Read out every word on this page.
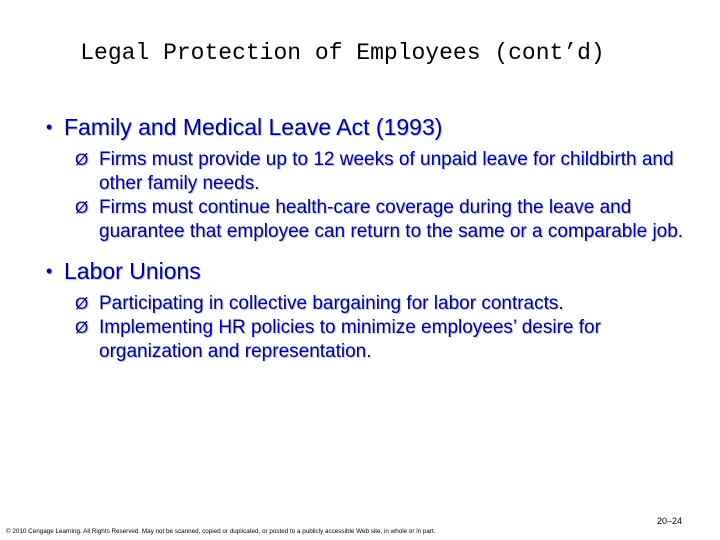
Legal Protection of Employees (cont’d)
• Family and Medical Leave Act (1993)
Ø Firms must provide up to 12 weeks of unpaid leave for childbirth and other family needs.
Ø Firms must continue health-care coverage during the leave and guarantee that employee can return to the same or a comparable job.
• Labor Unions
Ø Participating in collective bargaining for labor contracts.
Ø Implementing HR policies to minimize employees’ desire for organization and representation.
20–24
© 2010 Cengage Learning. All Rights Reserved. May not be scanned, copied or duplicated, or posted to a publicly accessible Web site, in whole or in part.
